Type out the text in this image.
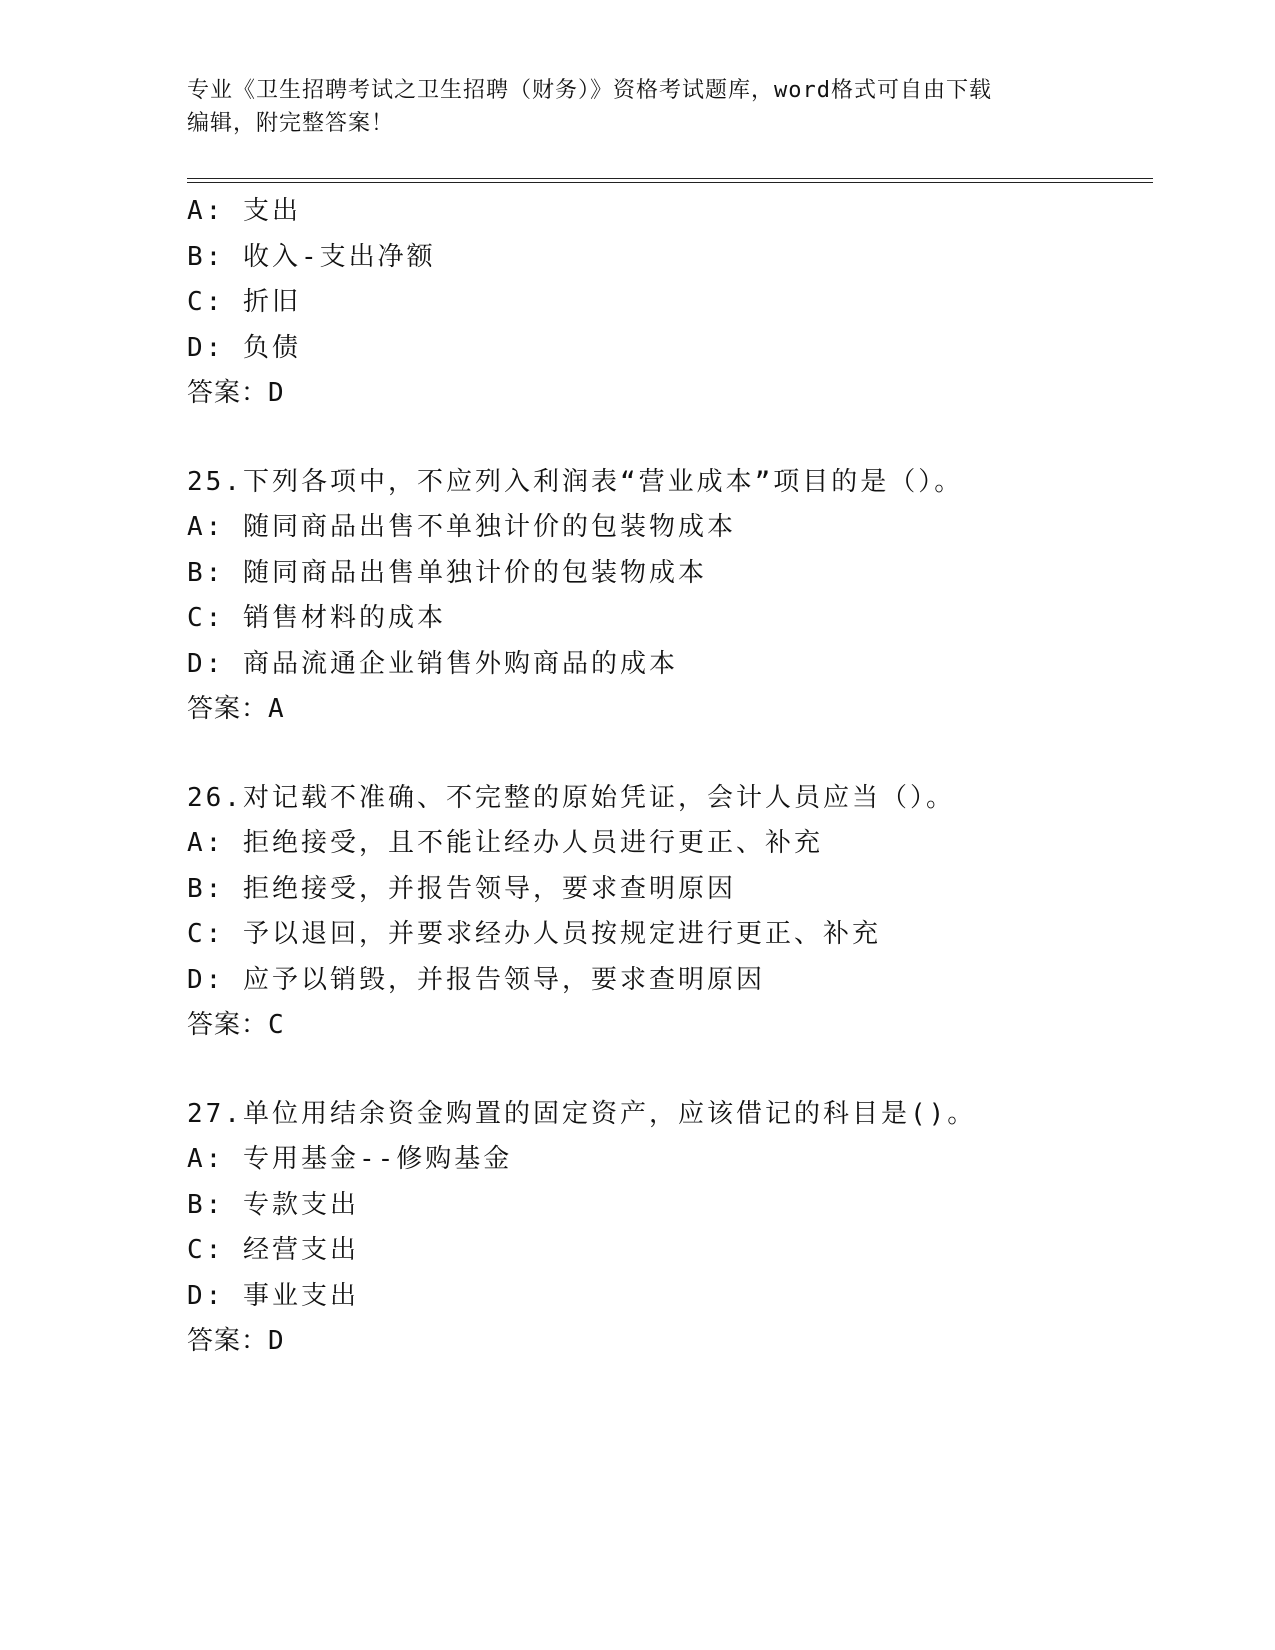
专业《卫生招聘考试之卫生招聘（财务）》资格考试题库，word格式可自由下载
编辑，附完整答案！
A: 支出
B: 收入-支出净额
C: 折旧
D: 负债
答案：D
25.下列各项中，不应列入利润表“营业成本”项目的是（）。
A: 随同商品出售不单独计价的包装物成本
B: 随同商品出售单独计价的包装物成本
C: 销售材料的成本
D: 商品流通企业销售外购商品的成本
答案：A
26.对记载不准确、不完整的原始凭证，会计人员应当（）。
A: 拒绝接受，且不能让经办人员进行更正、补充
B: 拒绝接受，并报告领导，要求查明原因
C: 予以退回，并要求经办人员按规定进行更正、补充
D: 应予以销毁，并报告领导，要求查明原因
答案：C
27.单位用结余资金购置的固定资产，应该借记的科目是()。
A: 专用基金--修购基金
B: 专款支出
C: 经营支出
D: 事业支出
答案：D
